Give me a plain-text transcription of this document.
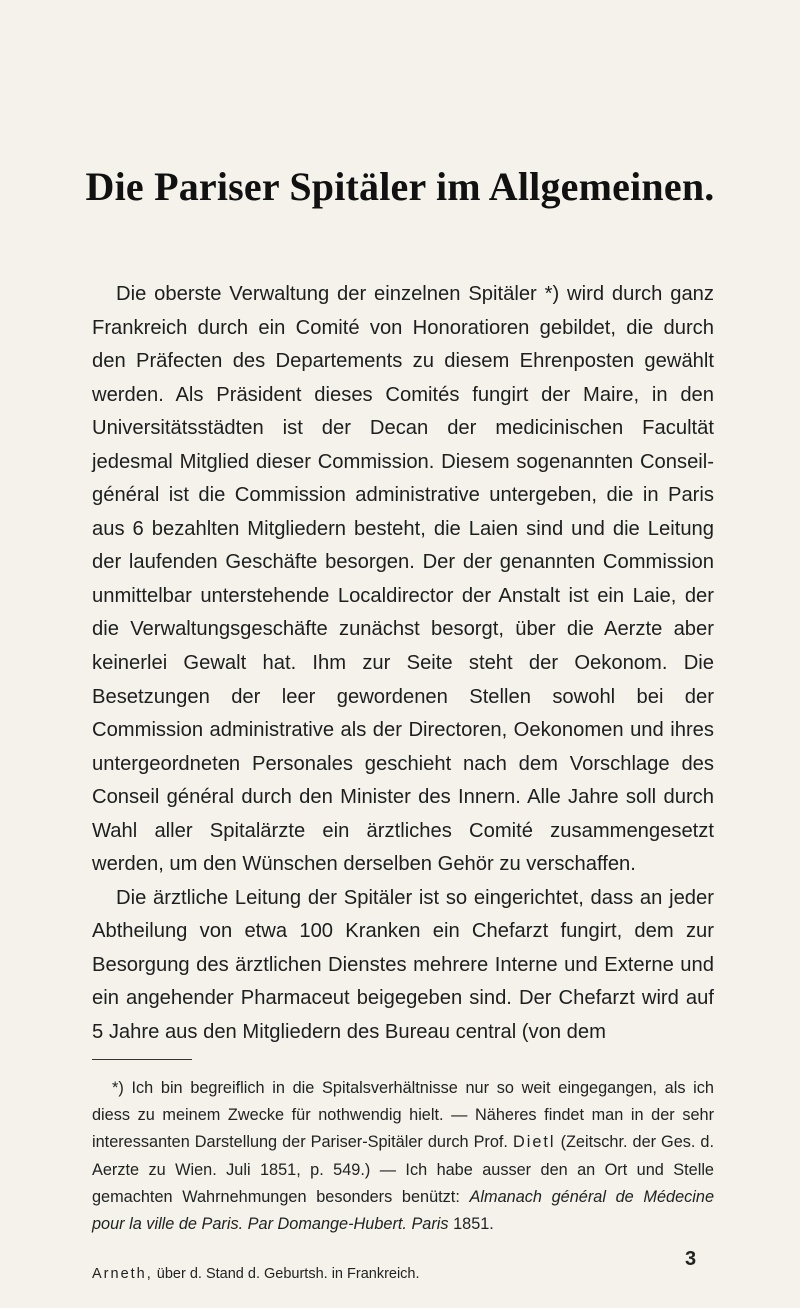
Die Pariser Spitäler im Allgemeinen.

Die oberste Verwaltung der einzelnen Spitäler *) wird durch ganz Frankreich durch ein Comité von Honoratioren gebildet, die durch den Präfecten des Departements zu diesem Ehrenposten gewählt werden. Als Präsident dieses Comités fungirt der Maire, in den Universitätsstädten ist der Decan der medicinischen Facultät jedesmal Mitglied dieser Commission. Diesem sogenannten Conseil-général ist die Commission administrative untergeben, die in Paris aus 6 bezahlten Mitgliedern besteht, die Laien sind und die Leitung der laufenden Geschäfte besorgen. Der der genannten Commission unmittelbar unterstehende Localdirector der Anstalt ist ein Laie, der die Verwaltungsgeschäfte zunächst besorgt, über die Aerzte aber keinerlei Gewalt hat. Ihm zur Seite steht der Oekonom. Die Besetzungen der leer gewordenen Stellen sowohl bei der Commission administrative als der Directoren, Oekonomen und ihres untergeordneten Personales geschieht nach dem Vorschlage des Conseil général durch den Minister des Innern. Alle Jahre soll durch Wahl aller Spitalärzte ein ärztliches Comité zusammengesetzt werden, um den Wünschen derselben Gehör zu verschaffen.

Die ärztliche Leitung der Spitäler ist so eingerichtet, dass an jeder Abtheilung von etwa 100 Kranken ein Chefarzt fungirt, dem zur Besorgung des ärztlichen Dienstes mehrere Interne und Externe und ein angehender Pharmaceut beigegeben sind. Der Chefarzt wird auf 5 Jahre aus den Mitgliedern des Bureau central (von dem

*) Ich bin begreiflich in die Spitalsverhältnisse nur so weit eingegangen, als ich diess zu meinem Zwecke für nothwendig hielt. — Näheres findet man in der sehr interessanten Darstellung der Pariser-Spitäler durch Prof. Dietl (Zeitschr. der Ges. d. Aerzte zu Wien. Juli 1851, p. 549.) — Ich habe ausser den an Ort und Stelle gemachten Wahrnehmungen besonders benützt: Almanach général de Médecine pour la ville de Paris. Par Domange-Hubert. Paris 1851.

3
Arneth, über d. Stand d. Geburtsh. in Frankreich.
